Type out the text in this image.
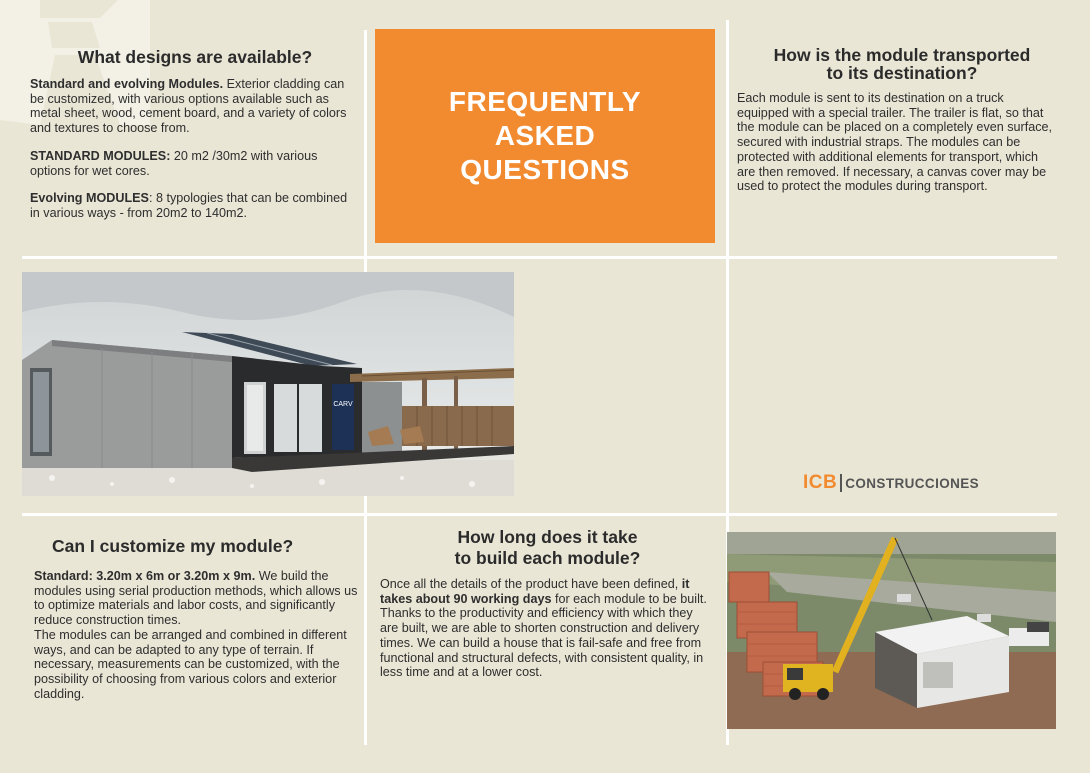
What designs are available?

Standard and evolving Modules. Exterior cladding can be customized, with various options available such as metal sheet, wood, cement board, and a variety of colors and textures to choose from.

STANDARD MODULES: 20 m2 /30m2 with various options for wet cores.

Evolving MODULES: 8 typologies that can be combined in various ways - from 20m2 to 140m2.

FREQUENTLY
ASKED
QUESTIONS
How is the module transported
to its destination?

Each module is sent to its destination on a truck equipped with a special trailer. The trailer is flat, so that the module can be placed on a completely even surface, secured with industrial straps. The modules can be protected with additional elements for transport, which are then removed. If necessary, a canvas cover may be used to protect the modules during transport.

CARV
ICB CONSTRUCCIONES
Can I customize my module?

Standard: 3.20m x 6m or 3.20m x 9m. We build the modules using serial production methods, which allows us to optimize materials and labor costs, and significantly reduce construction times.

The modules can be arranged and combined in different ways, and can be adapted to any type of terrain. If necessary, measurements can be customized, with the possibility of choosing from various colors and exterior cladding.

How long does it take
to build each module?

Once all the details of the product have been defined, it takes about 90 working days for each module to be built. Thanks to the productivity and efficiency with which they are built, we are able to shorten construction and delivery times. We can build a house that is fail-safe and free from functional and structural defects, with consistent quality, in less time and at a lower cost.
